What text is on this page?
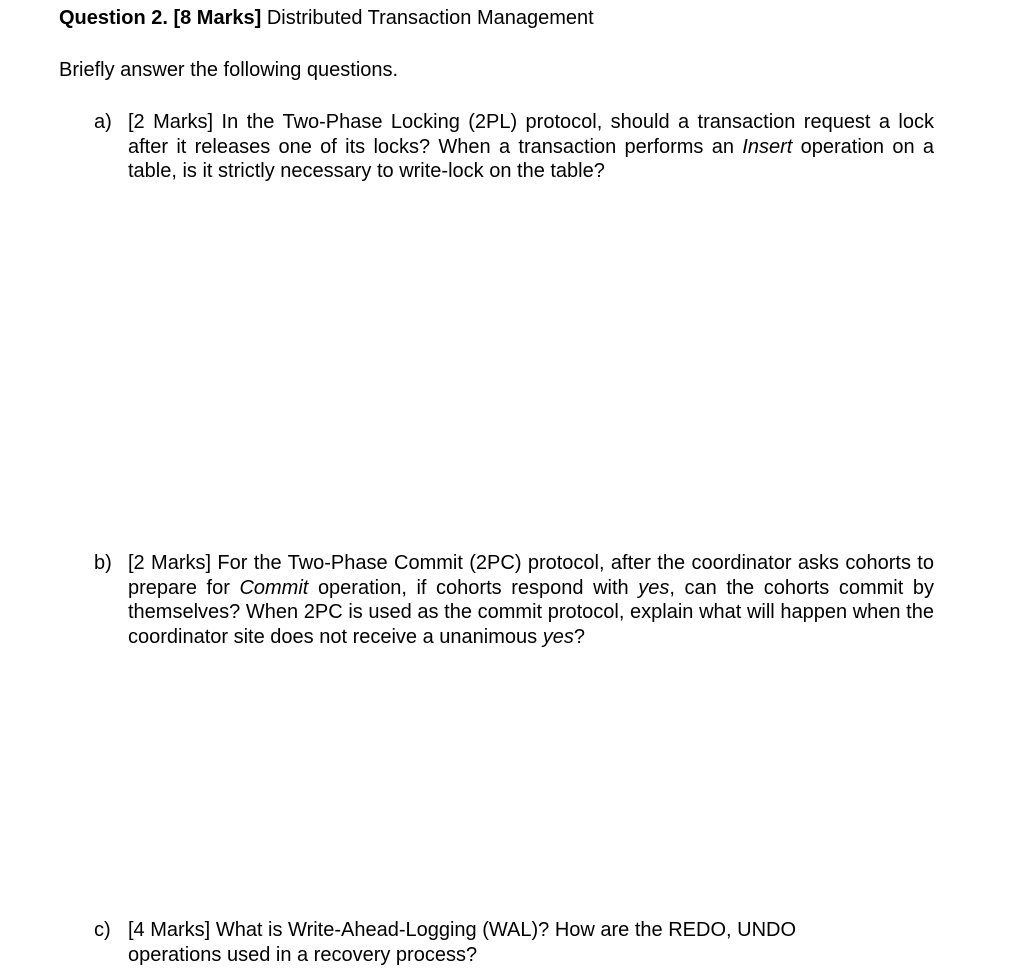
Question 2. [8 Marks] Distributed Transaction Management
Briefly answer the following questions.
a) [2 Marks] In the Two-Phase Locking (2PL) protocol, should a transaction request a lock after it releases one of its locks? When a transaction performs an Insert operation on a table, is it strictly necessary to write-lock on the table?
b) [2 Marks] For the Two-Phase Commit (2PC) protocol, after the coordinator asks cohorts to prepare for Commit operation, if cohorts respond with yes, can the cohorts commit by themselves? When 2PC is used as the commit protocol, explain what will happen when the coordinator site does not receive a unanimous yes?
c) [4 Marks] What is Write-Ahead-Logging (WAL)? How are the REDO, UNDO operations used in a recovery process?
